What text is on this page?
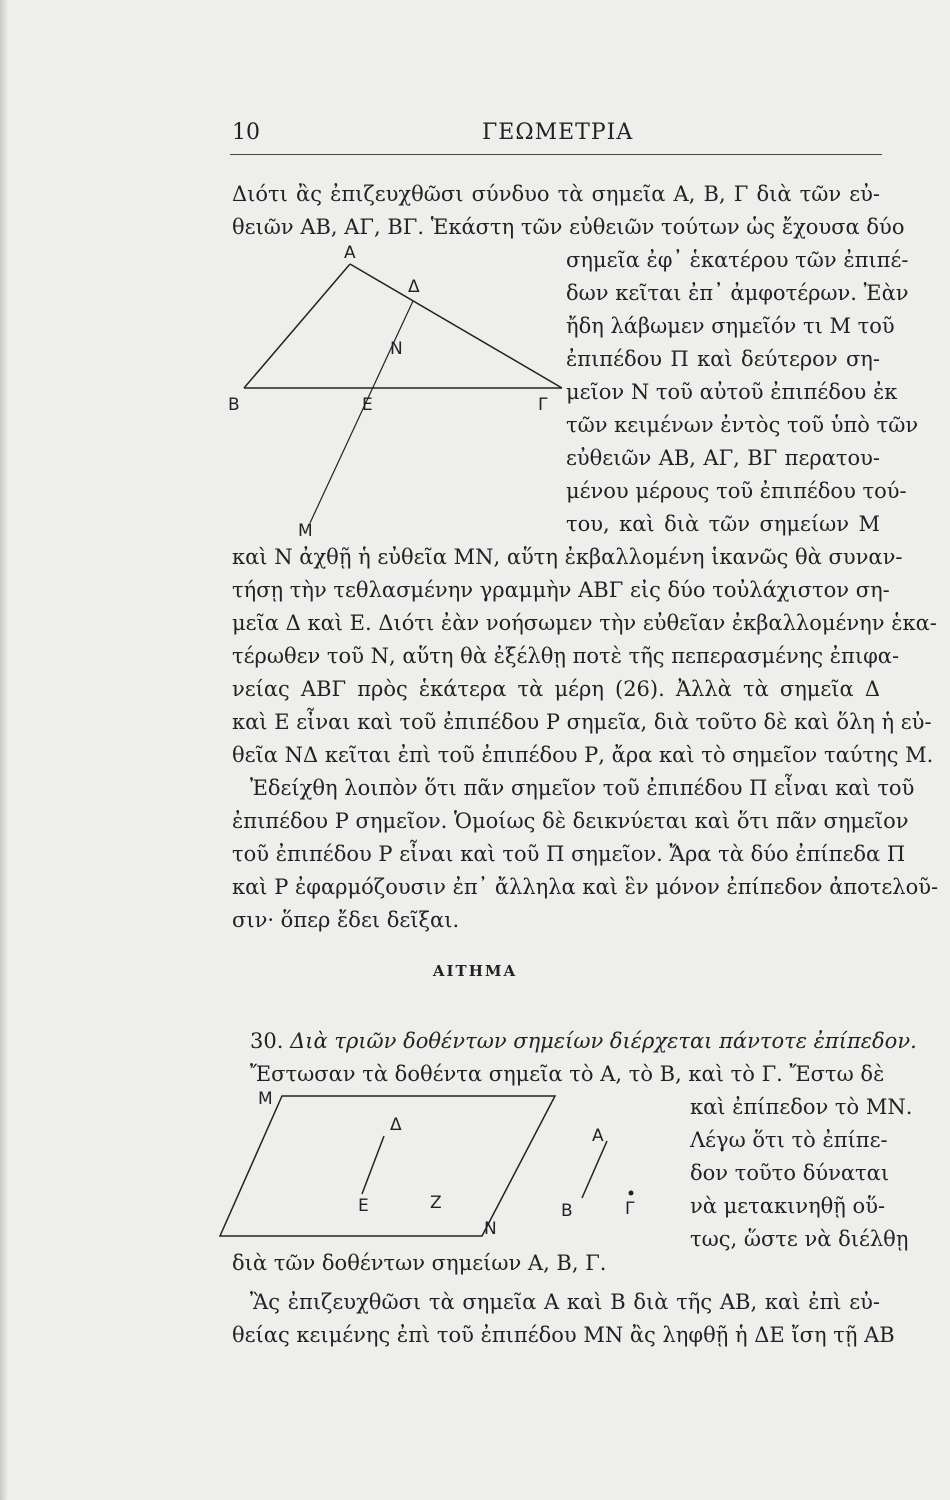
10	ΓΕΩΜΕΤΡΙΑ
Α
Δ
Ν
Β	Ε	Γ
Μ
Διότι ἂς ἐπιζευχθῶσι σύνδυο τὰ σημεῖα Α, Β, Γ διὰ τῶν εὐ-
θειῶν ΑΒ, ΑΓ, ΒΓ. Ἑκάστη τῶν εὐθειῶν τούτων ὡς ἔχουσα δύο
σημεῖα ἐφ᾽ ἑκατέρου τῶν ἐπιπέ-
δων κεῖται ἐπ᾽ ἀμφοτέρων. Ἐὰν
ἤδη λάβωμεν σημεῖόν τι Μ τοῦ
ἐπιπέδου Π καὶ δεύτερον ση-
μεῖον Ν τοῦ αὐτοῦ ἐπιπέδου ἐκ
τῶν κειμένων ἐντὸς τοῦ ὑπὸ τῶν
εὐθειῶν ΑΒ, ΑΓ, ΒΓ περατου-
μένου μέρους τοῦ ἐπιπέδου τού-
του, καὶ διὰ τῶν σημείων Μ
καὶ Ν ἀχθῇ ἡ εὐθεῖα ΜΝ, αὕτη ἐκβαλλομένη ἱκανῶς θὰ συναν-
τήσῃ τὴν τεθλασμένην γραμμὴν ΑΒΓ εἰς δύο τοὐλάχιστον ση-
μεῖα Δ καὶ Ε. Διότι ἐὰν νοήσωμεν τὴν εὐθεῖαν ἐκβαλλομένην ἑκα-
τέρωθεν τοῦ Ν, αὕτη θὰ ἐξέλθῃ ποτὲ τῆς πεπερασμένης ἐπιφα-
νείας ΑΒΓ πρὸς ἑκάτερα τὰ μέρη (26). Ἀλλὰ τὰ σημεῖα Δ
καὶ Ε εἶναι καὶ τοῦ ἐπιπέδου Ρ σημεῖα, διὰ τοῦτο δὲ καὶ ὅλη ἡ εὐ-
θεῖα ΝΔ κεῖται ἐπὶ τοῦ ἐπιπέδου Ρ, ἄρα καὶ τὸ σημεῖον ταύτης Μ.
Ἐδείχθη λοιπὸν ὅτι πᾶν σημεῖον τοῦ ἐπιπέδου Π εἶναι καὶ τοῦ
ἐπιπέδου Ρ σημεῖον. Ὁμοίως δὲ δεικνύεται καὶ ὅτι πᾶν σημεῖον
τοῦ ἐπιπέδου Ρ εἶναι καὶ τοῦ Π σημεῖον. Ἄρα τὰ δύο ἐπίπεδα Π
καὶ Ρ ἐφαρμόζουσιν ἐπ᾽ ἄλληλα καὶ ἓν μόνον ἐπίπεδον ἀποτελοῦ-
σιν· ὅπερ ἔδει δεῖξαι.
ΑΙΤΗΜΑ
30. Διὰ τριῶν δοθέντων σημείων διέρχεται πάντοτε ἐπίπεδον.
Ἔστωσαν τὰ δοθέντα σημεῖα τὸ Α, τὸ Β, καὶ τὸ Γ. Ἔστω δὲ
καὶ ἐπίπεδον τὸ ΜΝ.
Λέγω ὅτι τὸ ἐπίπε-
δον τοῦτο δύναται
νὰ μετακινηθῇ οὕ-
τως, ὥστε νὰ διέλθῃ
διὰ τῶν δοθέντων σημείων Α, Β, Γ.
Ἂς ἐπιζευχθῶσι τὰ σημεῖα Α καὶ Β διὰ τῆς ΑΒ, καὶ ἐπὶ εὐ-
θείας κειμένης ἐπὶ τοῦ ἐπιπέδου ΜΝ ἂς ληφθῇ ἡ ΔΕ ἴση τῇ ΑΒ
Μ
Δ
Α
Ε	Ζ
Ν
Β	Γ
